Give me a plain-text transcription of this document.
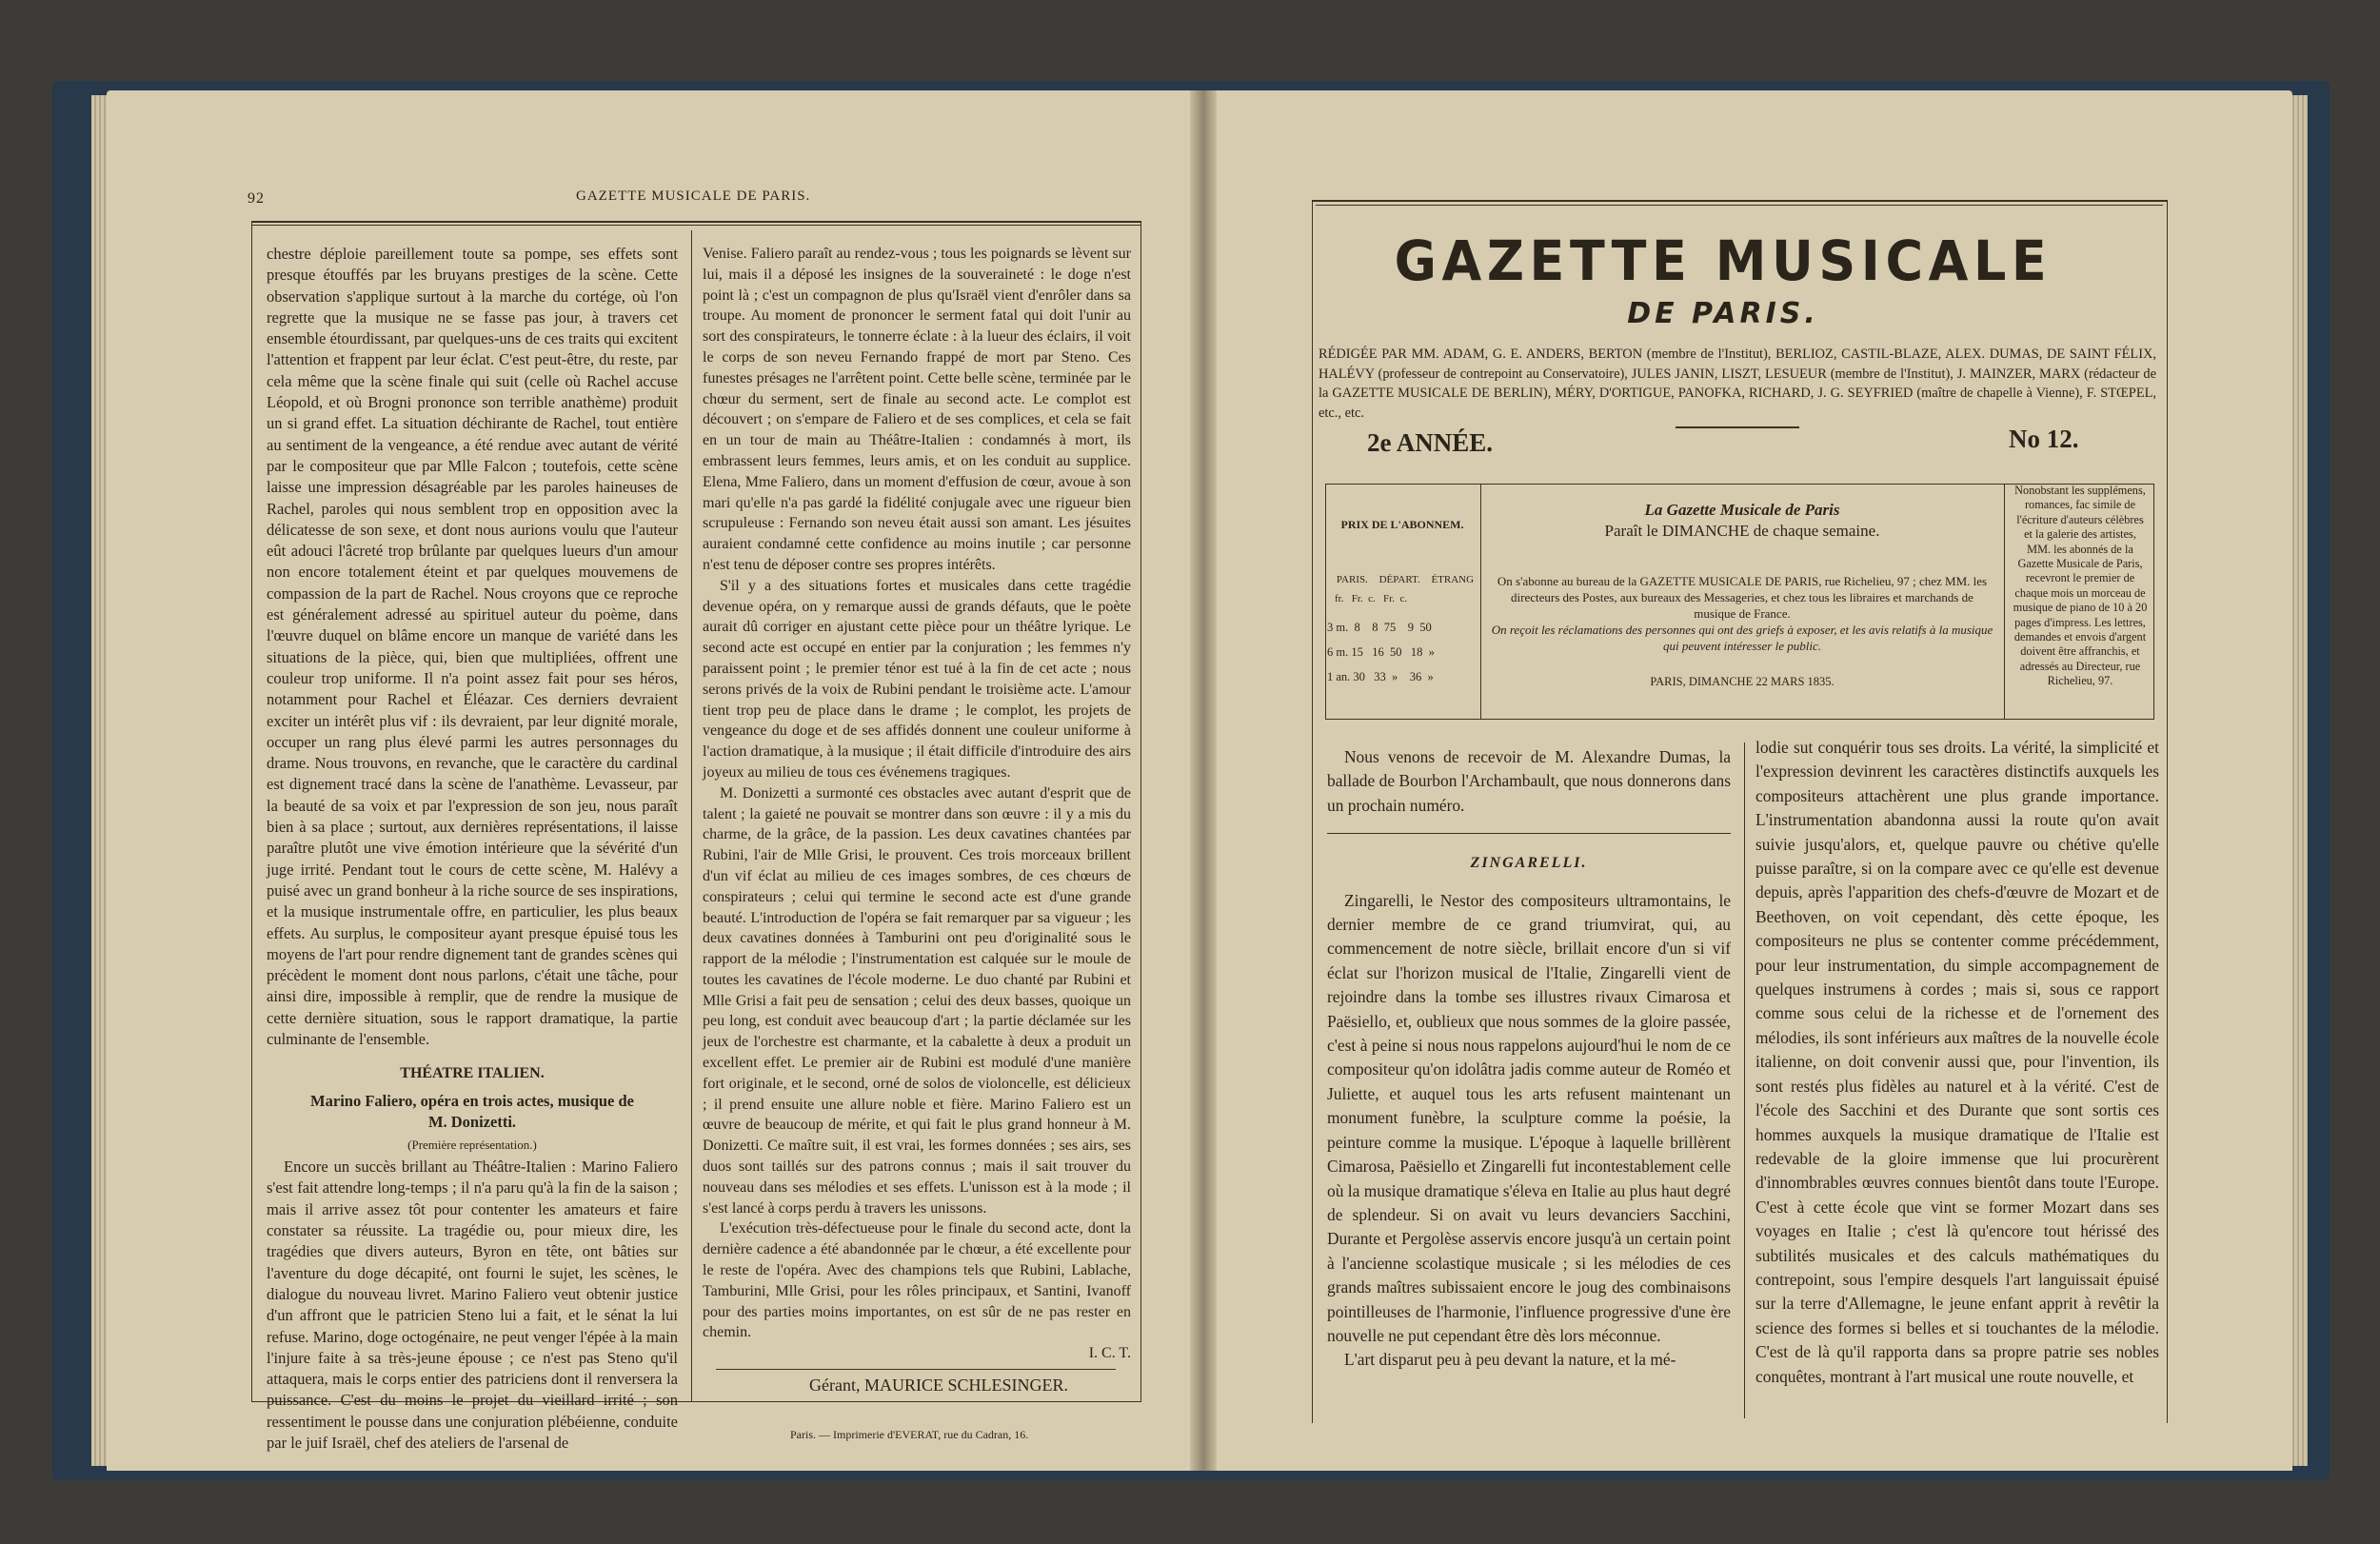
92	GAZETTE MUSICALE DE PARIS.

chestre déploie pareillement toute sa pompe, ses effets sont presque étouffés par les bruyans prestiges de la scène. Cette observation s'applique surtout à la marche du cortége, où l'on regrette que la musique ne se fasse pas jour, à travers cet ensemble étourdissant, par quelques-uns de ces traits qui excitent l'attention et frappent par leur éclat. C'est peut-être, du reste, par cela même que la scène finale qui suit (celle où Rachel accuse Léopold, et où Brogni prononce son terrible anathème) produit un si grand effet. La situation déchirante de Rachel, tout entière au sentiment de la vengeance, a été rendue avec autant de vérité par le compositeur que par Mlle Falcon ; toutefois, cette scène laisse une impression désagréable par les paroles haineuses de Rachel, paroles qui nous semblent trop en opposition avec la délicatesse de son sexe, et dont nous aurions voulu que l'auteur eût adouci l'âcreté trop brûlante par quelques lueurs d'un amour non encore totalement éteint et par quelques mouvemens de compassion de la part de Rachel. Nous croyons que ce reproche est généralement adressé au spirituel auteur du poème, dans l'œuvre duquel on blâme encore un manque de variété dans les situations de la pièce, qui, bien que multipliées, offrent une couleur trop uniforme. Il n'a point assez fait pour ses héros, notamment pour Rachel et Éléazar. Ces derniers devraient exciter un intérêt plus vif : ils devraient, par leur dignité morale, occuper un rang plus élevé parmi les autres personnages du drame. Nous trouvons, en revanche, que le caractère du cardinal est dignement tracé dans la scène de l'anathème. Levasseur, par la beauté de sa voix et par l'expression de son jeu, nous paraît bien à sa place ; surtout, aux dernières représentations, il laisse paraître plutôt une vive émotion intérieure que la sévérité d'un juge irrité. Pendant tout le cours de cette scène, M. Halévy a puisé avec un grand bonheur à la riche source de ses inspirations, et la musique instrumentale offre, en particulier, les plus beaux effets. Au surplus, le compositeur ayant presque épuisé tous les moyens de l'art pour rendre dignement tant de grandes scènes qui précèdent le moment dont nous parlons, c'était une tâche, pour ainsi dire, impossible à remplir, que de rendre la musique de cette dernière situation, sous le rapport dramatique, la partie culminante de l'ensemble.

THÉATRE ITALIEN.
Marino Faliero, opéra en trois actes, musique de
M. Donizetti.
(Première représentation.)

Encore un succès brillant au Théâtre-Italien : Marino Faliero s'est fait attendre long-temps ; il n'a paru qu'à la fin de la saison ; mais il arrive assez tôt pour contenter les amateurs et faire constater sa réussite. La tragédie ou, pour mieux dire, les tragédies que divers auteurs, Byron en tête, ont bâties sur l'aventure du doge décapité, ont fourni le sujet, les scènes, le dialogue du nouveau livret. Marino Faliero veut obtenir justice d'un affront que le patricien Steno lui a fait, et le sénat la lui refuse. Marino, doge octogénaire, ne peut venger l'épée à la main l'injure faite à sa très-jeune épouse ; ce n'est pas Steno qu'il attaquera, mais le corps entier des patriciens dont il renversera la puissance. C'est du moins le projet du vieillard irrité ; son ressentiment le pousse dans une conjuration plébéienne, conduite par le juif Israël, chef des ateliers de l'arsenal de

Venise. Faliero paraît au rendez-vous ; tous les poignards se lèvent sur lui, mais il a déposé les insignes de la souveraineté : le doge n'est point là ; c'est un compagnon de plus qu'Israël vient d'enrôler dans sa troupe. Au moment de prononcer le serment fatal qui doit l'unir au sort des conspirateurs, le tonnerre éclate : à la lueur des éclairs, il voit le corps de son neveu Fernando frappé de mort par Steno. Ces funestes présages ne l'arrêtent point. Cette belle scène, terminée par le chœur du serment, sert de finale au second acte. Le complot est découvert ; on s'empare de Faliero et de ses complices, et cela se fait en un tour de main au Théâtre-Italien : condamnés à mort, ils embrassent leurs femmes, leurs amis, et on les conduit au supplice. Elena, Mme Faliero, dans un moment d'effusion de cœur, avoue à son mari qu'elle n'a pas gardé la fidélité conjugale avec une rigueur bien scrupuleuse : Fernando son neveu était aussi son amant. Les jésuites auraient condamné cette confidence au moins inutile ; car personne n'est tenu de déposer contre ses propres intérêts.

S'il y a des situations fortes et musicales dans cette tragédie devenue opéra, on y remarque aussi de grands défauts, que le poète aurait dû corriger en ajustant cette pièce pour un théâtre lyrique. Le second acte est occupé en entier par la conjuration ; les femmes n'y paraissent point ; le premier ténor est tué à la fin de cet acte ; nous serons privés de la voix de Rubini pendant le troisième acte. L'amour tient trop peu de place dans le drame ; le complot, les projets de vengeance du doge et de ses affidés donnent une couleur uniforme à l'action dramatique, à la musique ; il était difficile d'introduire des airs joyeux au milieu de tous ces événemens tragiques.

M. Donizetti a surmonté ces obstacles avec autant d'esprit que de talent ; la gaieté ne pouvait se montrer dans son œuvre : il y a mis du charme, de la grâce, de la passion. Les deux cavatines chantées par Rubini, l'air de Mlle Grisi, le prouvent. Ces trois morceaux brillent d'un vif éclat au milieu de ces images sombres, de ces chœurs de conspirateurs ; celui qui termine le second acte est d'une grande beauté. L'introduction de l'opéra se fait remarquer par sa vigueur ; les deux cavatines données à Tamburini ont peu d'originalité sous le rapport de la mélodie ; l'instrumentation est calquée sur le moule de toutes les cavatines de l'école moderne. Le duo chanté par Rubini et Mlle Grisi a fait peu de sensation ; celui des deux basses, quoique un peu long, est conduit avec beaucoup d'art ; la partie déclamée sur les jeux de l'orchestre est charmante, et la cabalette à deux a produit un excellent effet. Le premier air de Rubini est modulé d'une manière fort originale, et le second, orné de solos de violoncelle, est délicieux ; il prend ensuite une allure noble et fière. Marino Faliero est un œuvre de beaucoup de mérite, et qui fait le plus grand honneur à M. Donizetti. Ce maître suit, il est vrai, les formes données ; ses airs, ses duos sont taillés sur des patrons connus ; mais il sait trouver du nouveau dans ses mélodies et ses effets. L'unisson est à la mode ; il s'est lancé à corps perdu à travers les unissons.

L'exécution très-défectueuse pour le finale du second acte, dont la dernière cadence a été abandonnée par le chœur, a été excellente pour le reste de l'opéra. Avec des champions tels que Rubini, Lablache, Tamburini, Mlle Grisi, pour les rôles principaux, et Santini, Ivanoff pour des parties moins importantes, on est sûr de ne pas rester en chemin.

I. C. T.
Gérant, MAURICE SCHLESINGER.
Paris. — Imprimerie d'EVERAT, rue du Cadran, 16.
GAZETTE MUSICALE
DE PARIS.
RÉDIGÉE PAR MM. ADAM, G. E. ANDERS, BERTON (membre de l'Institut), BERLIOZ, CASTIL-BLAZE, ALEX. DUMAS, DE SAINT FÉLIX, HALÉVY (professeur de contrepoint au Conservatoire), JULES JANIN, LISZT, LESUEUR (membre de l'Institut), J. MAINZER, MARX (rédacteur de la GAZETTE MUSICALE DE BERLIN), MÉRY, D'ORTIGUE, PANOFKA, RICHARD, J. G. SEYFRIED (maître de chapelle à Vienne), F. STŒPEL, etc., etc.
2e ANNÉE.	No 12.
PRIX DE L'ABONNEM.
PARIS. DÉPART. ÉTRANG
fr.   Fr.  c.   Fr.  c.
3 m.  8    8  75    9  50
6 m. 15   16  50   18  »
1 an. 30   33  »    36  »
La Gazette Musicale de Paris
Paraît le DIMANCHE de chaque semaine.
On s'abonne au bureau de la GAZETTE MUSICALE DE PARIS, rue Richelieu, 97 ; chez MM. les directeurs des Postes, aux bureaux des Messageries, et chez tous les libraires et marchands de musique de France.
On reçoit les réclamations des personnes qui ont des griefs à exposer, et les avis relatifs à la musique qui peuvent intéresser le public.
PARIS, DIMANCHE 22 MARS 1835.
Nonobstant les supplémens, romances, fac simile de l'écriture d'auteurs célèbres et la galerie des artistes, MM. les abonnés de la Gazette Musicale de Paris, recevront le premier de chaque mois un morceau de musique de piano de 10 à 20 pages d'impress. Les lettres, demandes et envois d'argent doivent être affranchis, et adressés au Directeur, rue Richelieu, 97.

Nous venons de recevoir de M. Alexandre Dumas, la ballade de Bourbon l'Archambault, que nous donnerons dans un prochain numéro.

ZINGARELLI.

Zingarelli, le Nestor des compositeurs ultramontains, le dernier membre de ce grand triumvirat, qui, au commencement de notre siècle, brillait encore d'un si vif éclat sur l'horizon musical de l'Italie, Zingarelli vient de rejoindre dans la tombe ses illustres rivaux Cimarosa et Paësiello, et, oublieux que nous sommes de la gloire passée, c'est à peine si nous nous rappelons aujourd'hui le nom de ce compositeur qu'on idolâtra jadis comme auteur de Roméo et Juliette, et auquel tous les arts refusent maintenant un monument funèbre, la sculpture comme la poésie, la peinture comme la musique. L'époque à laquelle brillèrent Cimarosa, Paësiello et Zingarelli fut incontestablement celle où la musique dramatique s'éleva en Italie au plus haut degré de splendeur. Si on avait vu leurs devanciers Sacchini, Durante et Pergolèse asservis encore jusqu'à un certain point à l'ancienne scolastique musicale ; si les mélodies de ces grands maîtres subissaient encore le joug des combinaisons pointilleuses de l'harmonie, l'influence progressive d'une ère nouvelle ne put cependant être dès lors méconnue.

L'art disparut peu à peu devant la nature, et la mé-

lodie sut conquérir tous ses droits. La vérité, la simplicité et l'expression devinrent les caractères distinctifs auxquels les compositeurs attachèrent une plus grande importance. L'instrumentation abandonna aussi la route qu'on avait suivie jusqu'alors, et, quelque pauvre ou chétive qu'elle puisse paraître, si on la compare avec ce qu'elle est devenue depuis, après l'apparition des chefs-d'œuvre de Mozart et de Beethoven, on voit cependant, dès cette époque, les compositeurs ne plus se contenter comme précédemment, pour leur instrumentation, du simple accompagnement de quelques instrumens à cordes ; mais si, sous ce rapport comme sous celui de la richesse et de l'ornement des mélodies, ils sont inférieurs aux maîtres de la nouvelle école italienne, on doit convenir aussi que, pour l'invention, ils sont restés plus fidèles au naturel et à la vérité. C'est de l'école des Sacchini et des Durante que sont sortis ces hommes auxquels la musique dramatique de l'Italie est redevable de la gloire immense que lui procurèrent d'innombrables œuvres connues bientôt dans toute l'Europe. C'est à cette école que vint se former Mozart dans ses voyages en Italie ; c'est là qu'encore tout hérissé des subtilités musicales et des calculs mathématiques du contrepoint, sous l'empire desquels l'art languissait épuisé sur la terre d'Allemagne, le jeune enfant apprit à revêtir la science des formes si belles et si touchantes de la mélodie. C'est de là qu'il rapporta dans sa propre patrie ses nobles conquêtes, montrant à l'art musical une route nouvelle, et
